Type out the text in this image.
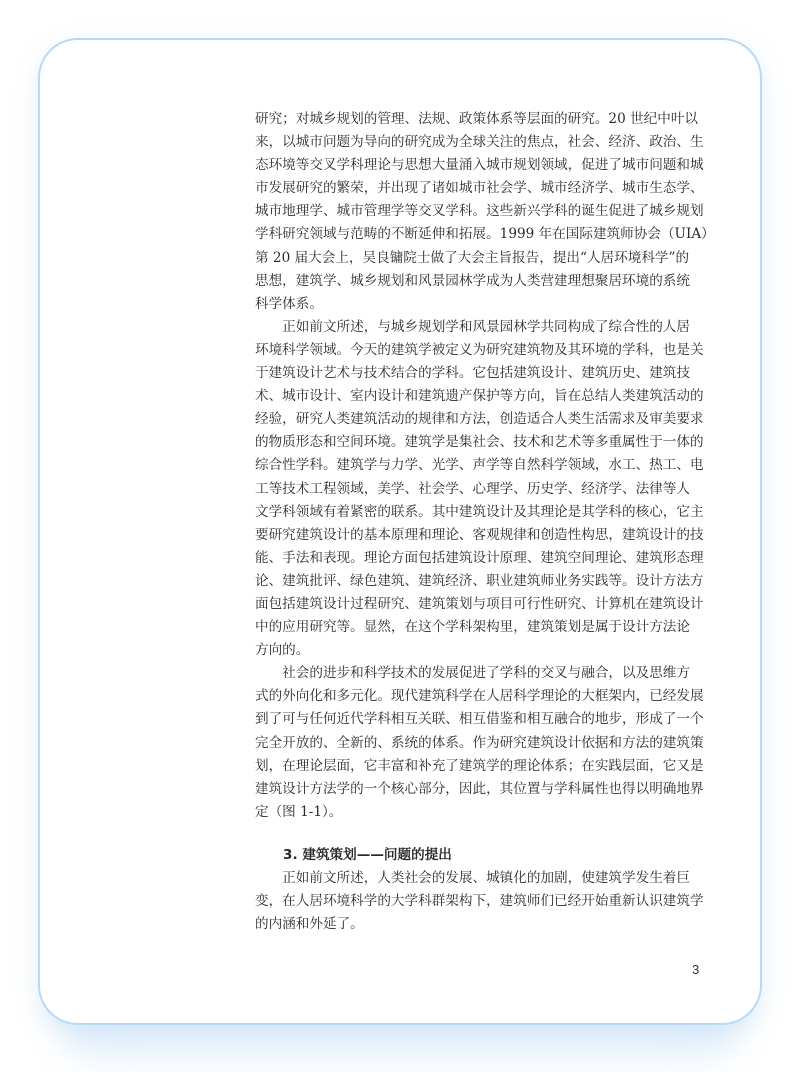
研究；对城乡规划的管理、法规、政策体系等层面的研究。20 世纪中叶以
来，以城市问题为导向的研究成为全球关注的焦点，社会、经济、政治、生
态环境等交叉学科理论与思想大量涌入城市规划领域，促进了城市问题和城
市发展研究的繁荣，并出现了诸如城市社会学、城市经济学、城市生态学、
城市地理学、城市管理学等交叉学科。这些新兴学科的诞生促进了城乡规划
学科研究领域与范畴的不断延伸和拓展。1999 年在国际建筑师协会（UIA）
第 20 届大会上，吴良镛院士做了大会主旨报告，提出“人居环境科学”的
思想，建筑学、城乡规划和风景园林学成为人类营建理想聚居环境的系统
科学体系。
　　正如前文所述，与城乡规划学和风景园林学共同构成了综合性的人居
环境科学领域。今天的建筑学被定义为研究建筑物及其环境的学科，也是关
于建筑设计艺术与技术结合的学科。它包括建筑设计、建筑历史、建筑技
术、城市设计、室内设计和建筑遗产保护等方向，旨在总结人类建筑活动的
经验，研究人类建筑活动的规律和方法，创造适合人类生活需求及审美要求
的物质形态和空间环境。建筑学是集社会、技术和艺术等多重属性于一体的
综合性学科。建筑学与力学、光学、声学等自然科学领域，水工、热工、电
工等技术工程领域，美学、社会学、心理学、历史学、经济学、法律等人
文学科领域有着紧密的联系。其中建筑设计及其理论是其学科的核心，它主
要研究建筑设计的基本原理和理论、客观规律和创造性构思，建筑设计的技
能、手法和表现。理论方面包括建筑设计原理、建筑空间理论、建筑形态理
论、建筑批评、绿色建筑、建筑经济、职业建筑师业务实践等。设计方法方
面包括建筑设计过程研究、建筑策划与项目可行性研究、计算机在建筑设计
中的应用研究等。显然，在这个学科架构里，建筑策划是属于设计方法论
方向的。
　　社会的进步和科学技术的发展促进了学科的交叉与融合，以及思维方
式的外向化和多元化。现代建筑科学在人居科学理论的大框架内，已经发展
到了可与任何近代学科相互关联、相互借鉴和相互融合的地步，形成了一个
完全开放的、全新的、系统的体系。作为研究建筑设计依据和方法的建筑策
划，在理论层面，它丰富和补充了建筑学的理论体系；在实践层面，它又是
建筑设计方法学的一个核心部分，因此，其位置与学科属性也得以明确地界
定（图 1-1）。
3. 建筑策划——问题的提出
　　正如前文所述，人类社会的发展、城镇化的加剧，使建筑学发生着巨
变，在人居环境科学的大学科群架构下，建筑师们已经开始重新认识建筑学
的内涵和外延了。
3
